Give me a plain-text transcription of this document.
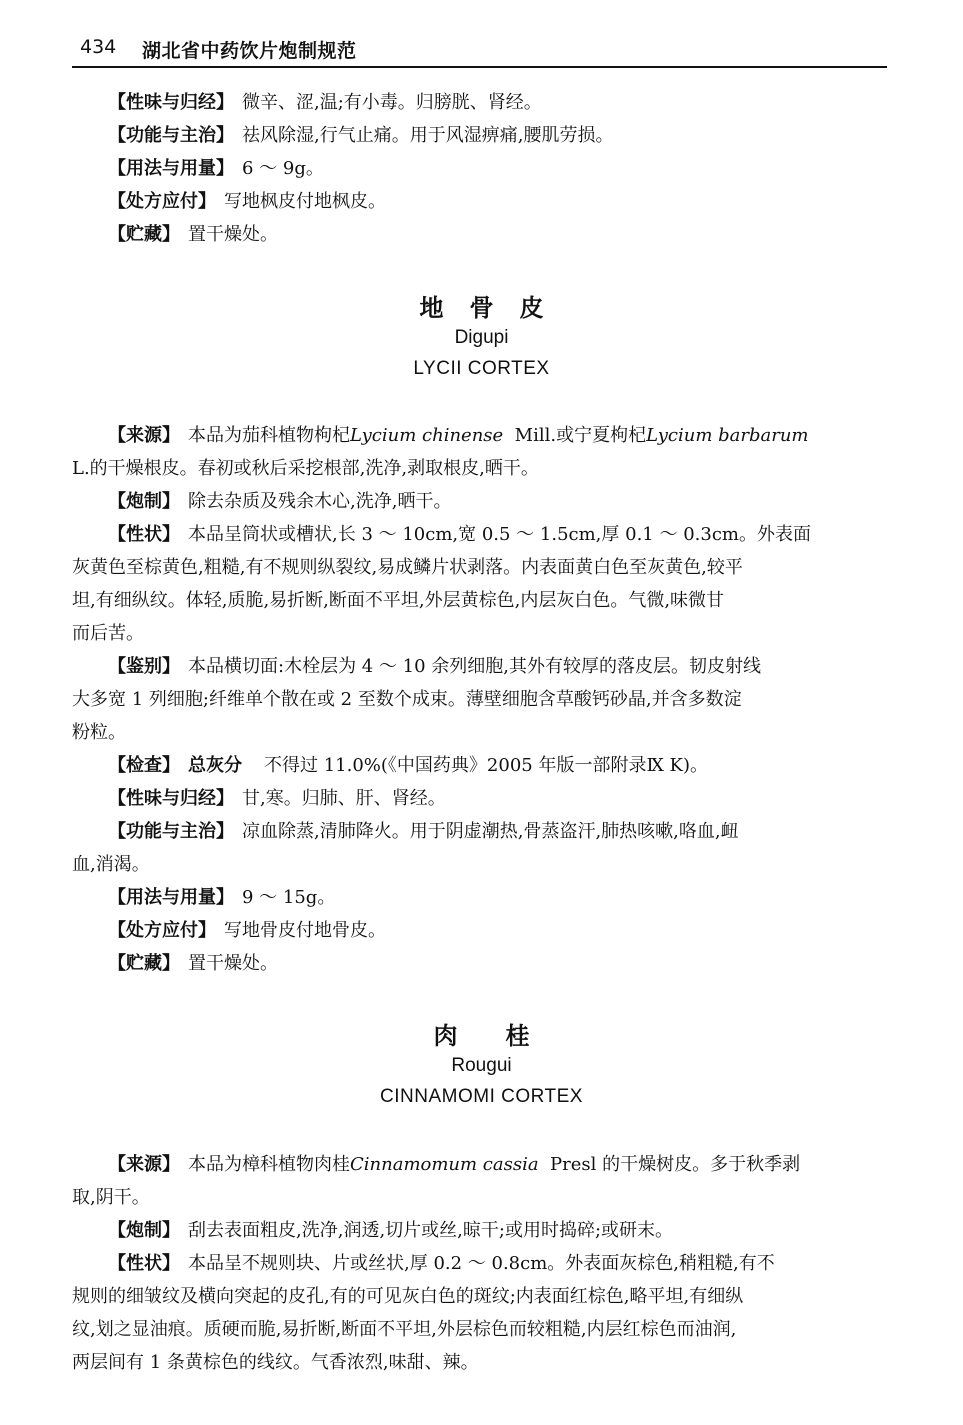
434 湖北省中药饮片炮制规范
【性味与归经】 微辛、涩,温;有小毒。归膀胱、肾经。
【功能与主治】 祛风除湿,行气止痛。用于风湿痹痛,腰肌劳损。
【用法与用量】 6 ～ 9g。
【处方应付】 写地枫皮付地枫皮。
【贮藏】 置干燥处。
地骨皮
Digupi
LYCII CORTEX
【来源】 本品为茄科植物枸杞Lycium chinense Mill.或宁夏枸杞Lycium barbarum
L.的干燥根皮。春初或秋后采挖根部,洗净,剥取根皮,晒干。
【炮制】 除去杂质及残余木心,洗净,晒干。
【性状】 本品呈筒状或槽状,长 3 ～ 10cm,宽 0.5 ～ 1.5cm,厚 0.1 ～ 0.3cm。外表面
灰黄色至棕黄色,粗糙,有不规则纵裂纹,易成鳞片状剥落。内表面黄白色至灰黄色,较平
坦,有细纵纹。体轻,质脆,易折断,断面不平坦,外层黄棕色,内层灰白色。气微,味微甘
而后苦。
【鉴别】 本品横切面:木栓层为 4 ～ 10 余列细胞,其外有较厚的落皮层。韧皮射线
大多宽 1 列细胞;纤维单个散在或 2 至数个成束。薄壁细胞含草酸钙砂晶,并含多数淀
粉粒。
【检查】 总灰分 不得过 11.0%(《中国药典》2005 年版一部附录Ⅸ K)。
【性味与归经】 甘,寒。归肺、肝、肾经。
【功能与主治】 凉血除蒸,清肺降火。用于阴虚潮热,骨蒸盗汗,肺热咳嗽,咯血,衄
血,消渴。
【用法与用量】 9 ～ 15g。
【处方应付】 写地骨皮付地骨皮。
【贮藏】 置干燥处。
肉桂
Rougui
CINNAMOMI CORTEX
【来源】 本品为樟科植物肉桂Cinnamomum cassia Presl 的干燥树皮。多于秋季剥
取,阴干。
【炮制】 刮去表面粗皮,洗净,润透,切片或丝,晾干;或用时捣碎;或研末。
【性状】 本品呈不规则块、片或丝状,厚 0.2 ～ 0.8cm。外表面灰棕色,稍粗糙,有不
规则的细皱纹及横向突起的皮孔,有的可见灰白色的斑纹;内表面红棕色,略平坦,有细纵
纹,划之显油痕。质硬而脆,易折断,断面不平坦,外层棕色而较粗糙,内层红棕色而油润,
两层间有 1 条黄棕色的线纹。气香浓烈,味甜、辣。
